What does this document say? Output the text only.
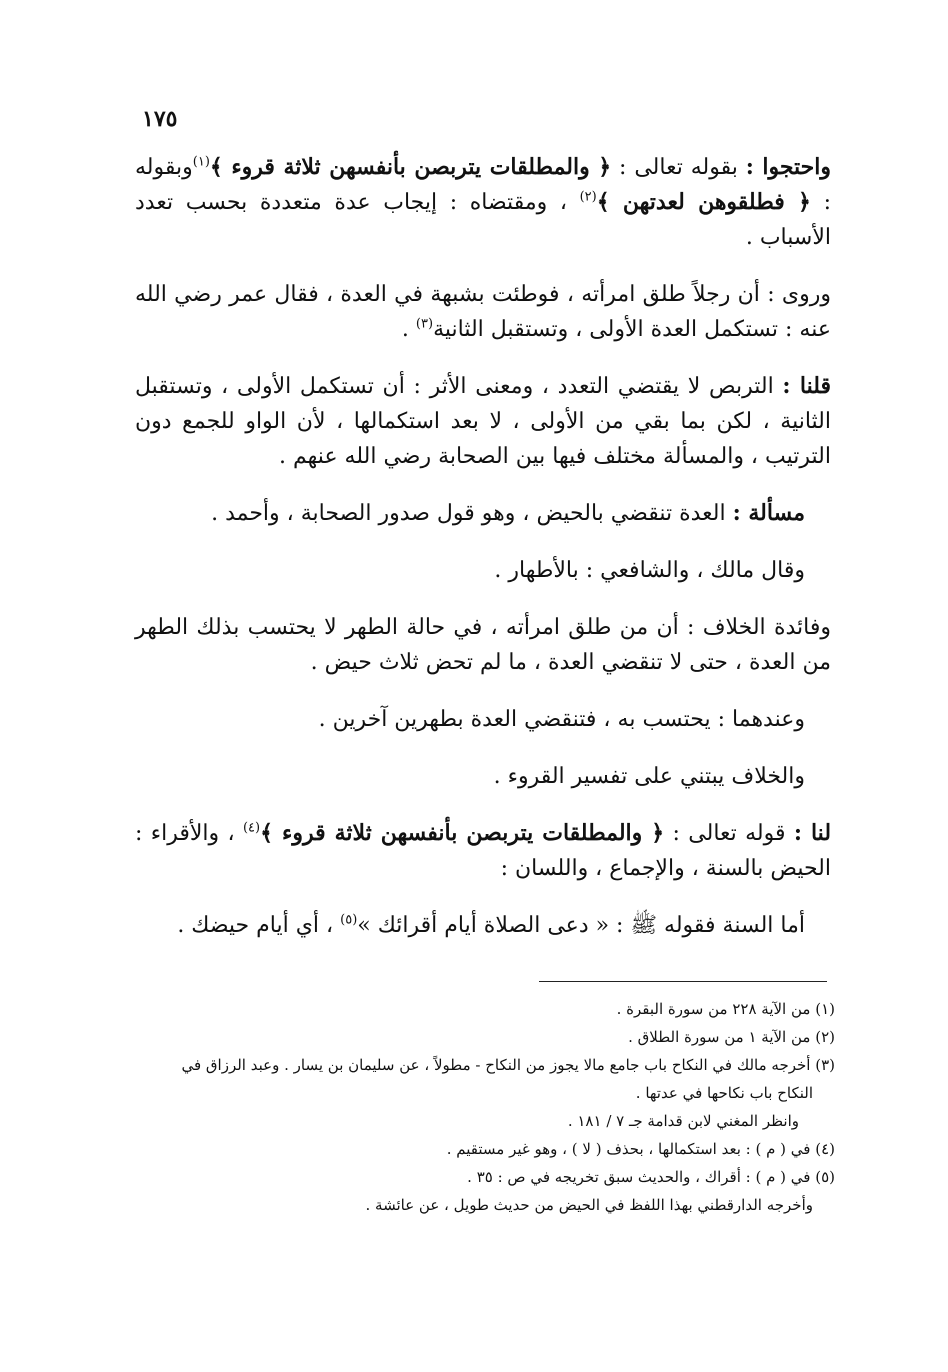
١٧٥

واحتجوا : بقوله تعالى : ﴿ والمطلقات يتربصن بأنفسهن ثلاثة قروء ﴾$^{(١)}$وبقوله : ﴿ فطلقوهن لعدتهن ﴾$^{(٢)}$ ، ومقتضاه : إيجاب عدة متعددة بحسب تعدد الأسباب .

وروى : أن رجلاً طلق امرأته ، فوطئت بشبهة في العدة ، فقال عمر رضي الله عنه : تستكمل العدة الأولى ، وتستقبل الثانية$^{(٣)}$ .

قلنا : التربص لا يقتضي التعدد ، ومعنى الأثر : أن تستكمل الأولى ، وتستقبل الثانية ، لكن بما بقي من الأولى ، لا بعد استكمالها ، لأن الواو للجمع دون الترتيب ، والمسألة مختلف فيها بين الصحابة رضي الله عنهم .

مسألة : العدة تنقضي بالحيض ، وهو قول صدور الصحابة ، وأحمد .

وقال مالك ، والشافعي : بالأطهار .

وفائدة الخلاف : أن من طلق امرأته ، في حالة الطهر لا يحتسب بذلك الطهر من العدة ، حتى لا تنقضي العدة ، ما لم تحض ثلاث حيض .

وعندهما : يحتسب به ، فتنقضي العدة بطهرين آخرين .

والخلاف يبتني على تفسير القروء .

لنا : قوله تعالى : ﴿ والمطلقات يتربصن بأنفسهن ثلاثة قروء ﴾$^{(٤)}$ ، والأقراء : الحيض بالسنة ، والإجماع ، واللسان :

أما السنة فقوله ﷺ : « دعى الصلاة أيام أقرائك »$^{(٥)}$ ، أي أيام حيضك .

(١) من الآية ٢٢٨ من سورة البقرة .

(٢) من الآية ١ من سورة الطلاق .

(٣) أخرجه مالك في النكاح باب جامع مالا يجوز من النكاح - مطولاً ، عن سليمان بن يسار . وعبد الرزاق في

النكاح باب نكاحها في عدتها .

وانظر المغني لابن قدامة جـ ٧ / ١٨١ .

(٤) في ( م ) : بعد استكمالها ، بحذف ( لا ) ، وهو غير مستقيم .

(٥) في ( م ) : أقراك ، والحديث سبق تخريجه في ص : ٣٥ .

وأخرجه الدارقطني بهذا اللفظ في الحيض من حديث طويل ، عن عائشة .
